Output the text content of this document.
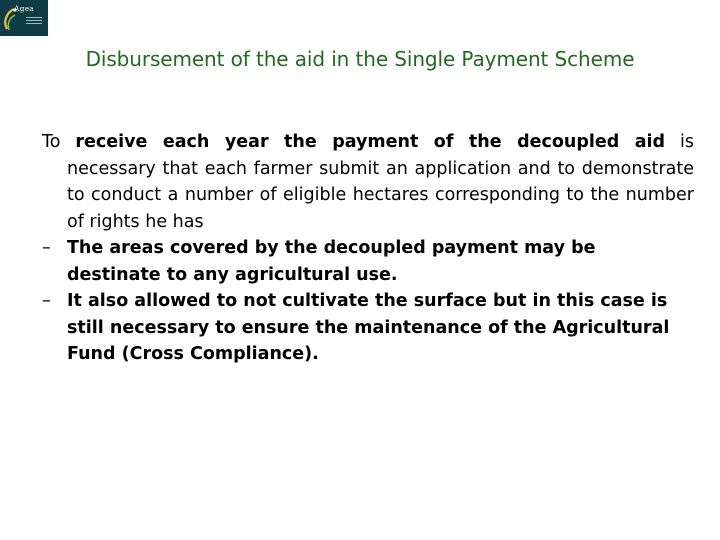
Agea
Disbursement of the aid in the Single Payment Scheme

To receive each year the payment of the decoupled aid is necessary that each farmer submit an application and to demonstrate to conduct a number of eligible hectares corresponding to the number of rights he has

– The areas covered by the decoupled payment may be destinate to any agricultural use.

– It also allowed to not cultivate the surface but in this case is still necessary to ensure the maintenance of the Agricultural Fund (Cross Compliance).
